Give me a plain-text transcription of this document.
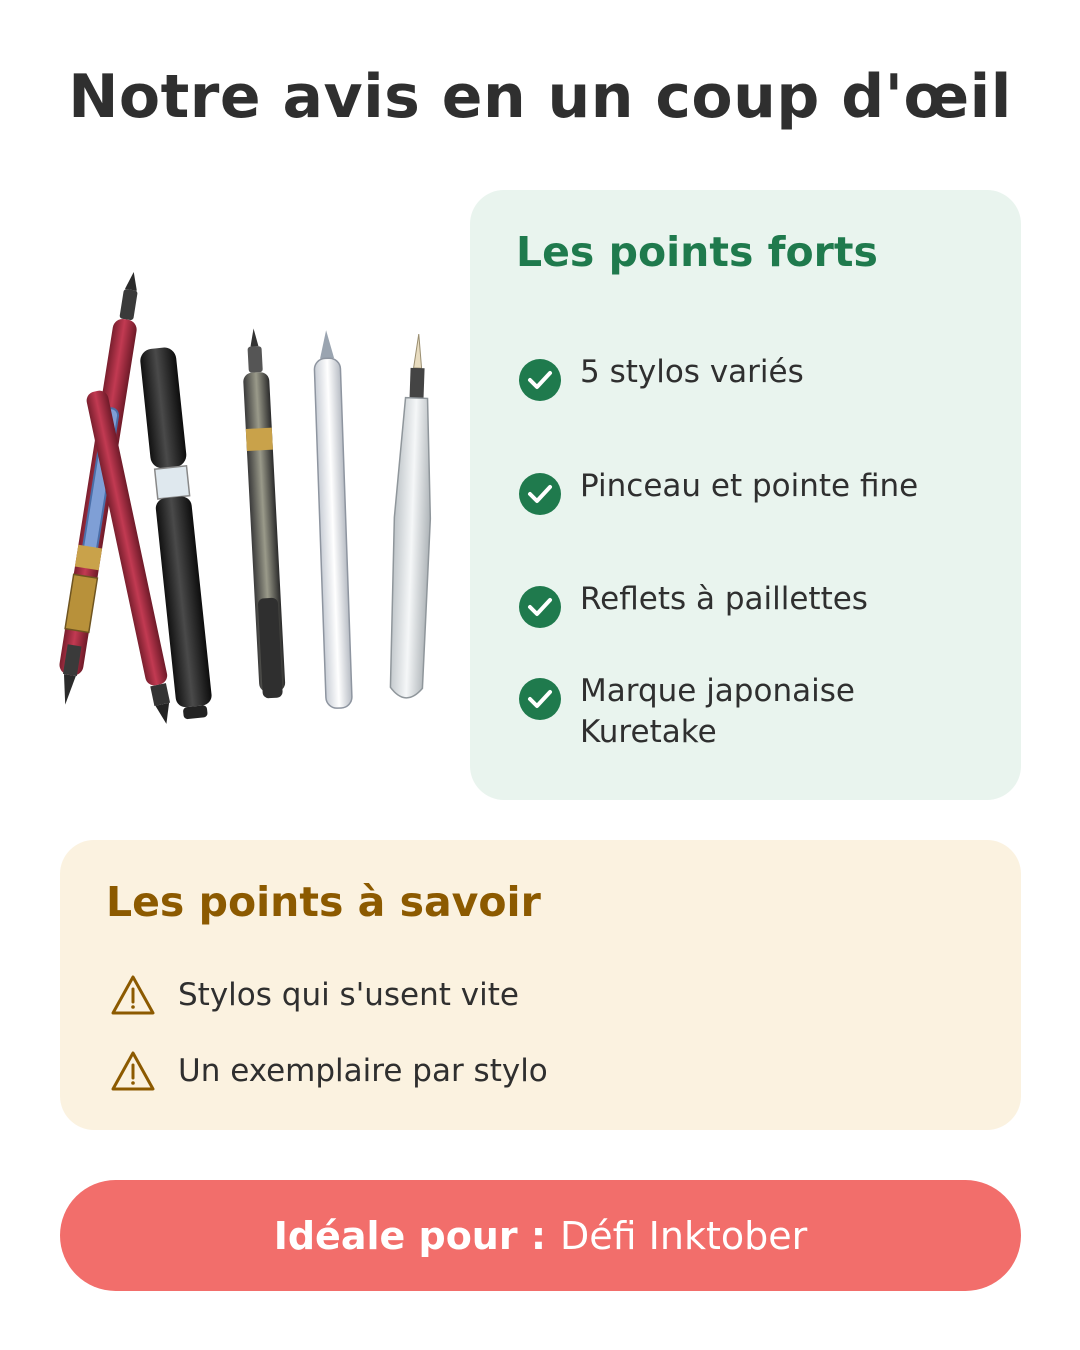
Notre avis en un coup d'œil
Les points forts
5 stylos variés
Pinceau et pointe fine
Reflets à paillettes
Marque japonaise Kuretake
Les points à savoir
Stylos qui s'usent vite
Un exemplaire par stylo
Idéale pour : Défi Inktober
